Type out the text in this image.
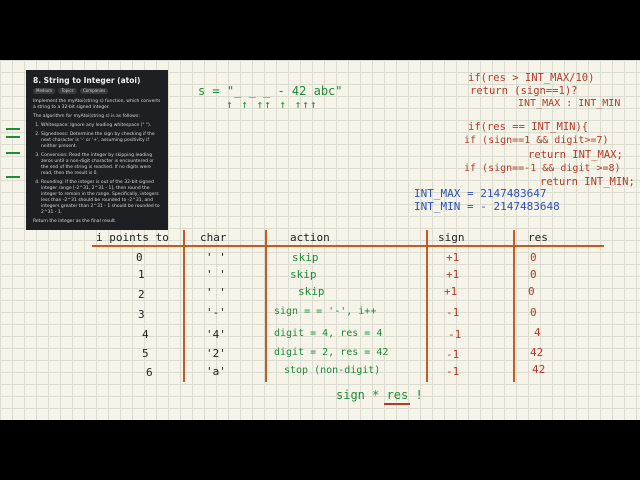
8. String to Integer (atoi)
Medium Topics Companies

Implement the myAtoi(string s) function, which converts a string to a 32-bit signed integer.

The algorithm for myAtoi(string s) is as follows:

1. Whitespace: Ignore any leading whitespace (" ").
2. Signedness: Determine the sign by checking if the next character is '-' or '+', assuming positivity if neither present.
3. Conversion: Read the integer by skipping leading zeros until a non-digit character is encountered or the end of the string is reached. If no digits were read, then the result is 0.
4. Rounding: If the integer is out of the 32-bit signed integer range [-2^31, 2^31 - 1], then round the integer to remain in the range. Specifically, integers less than -2^31 should be rounded to -2^31, and integers greater than 2^31 - 1 should be rounded to 2^31 - 1.

Return the integer as the final result.

s = "_ _ _ - 42 abc"
↑ ↑ ↑↑ ↑ ↑↑↑
if(res > INT_MAX/10)
return (sign==1)?
INT_MAX : INT_MIN
if(res == INT_MIN){
if (sign==1 && digit>=7)
return INT_MAX;
if (sign==-1 && digit >=8)
return INT_MIN;
INT_MAX = 2147483647
INT_MIN = - 2147483648
i points to	char	action	sign	res
0	' '	skip	+1	0
1	' '	skip	+1	0
2	' '	skip	+1	0
3	'-'	sign = = '-', i++	-1	0
4	'4'	digit = 4, res = 4	-1	4
5	'2'	digit = 2, res = 42	-1	42
6	'a'	stop (non-digit)	-1	42
sign * res !
